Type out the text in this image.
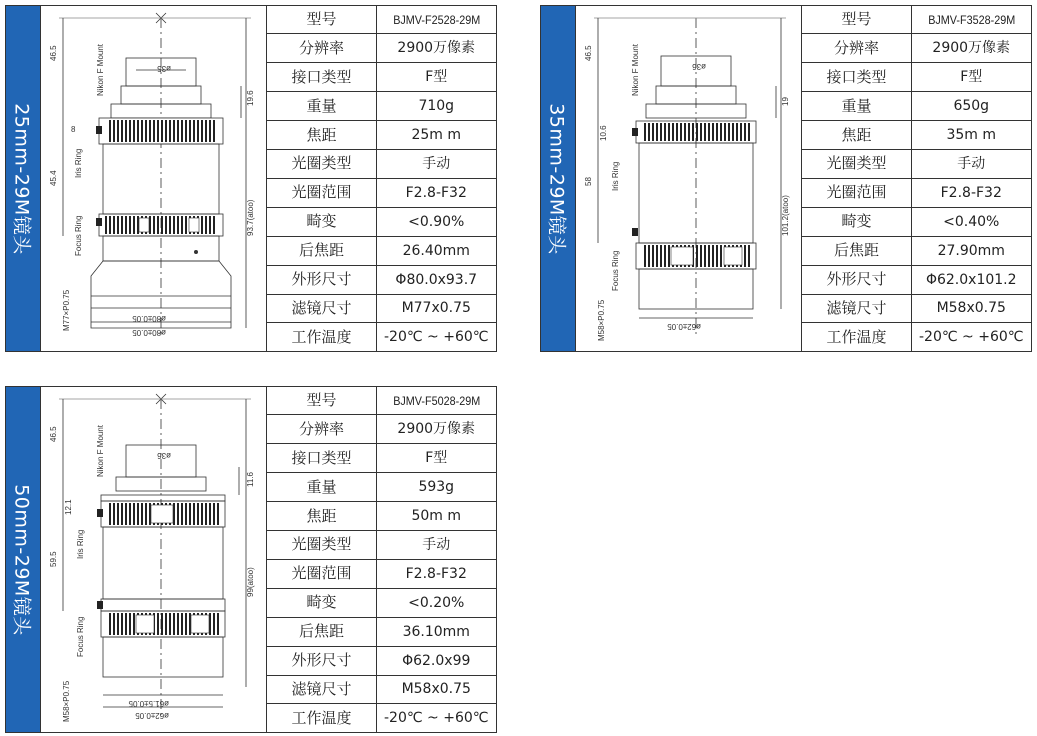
25mm-29M镜头
46.5	Nikon F Mount
19.6
8
45.4
93.7(atoo)
ø35
ø80±0.05
ø80±0.05
Iris Ring
Focus Ring
M77×P0.75
型号	BJMV-F2528-29M
分辨率	2900万像素
接口类型	F型
重量	710g
焦距	25m m
光圈类型	手动
光圈范围	F2.8-F32
畸变	<0.90%
后焦距	26.40mm
外形尺寸	Φ80.0x93.7
滤镜尺寸	M77x0.75
工作温度	-20℃ ~ +60℃
35mm-29M镜头
46.5	Nikon F Mount
19
10.6
58
101.2(atoo)
ø36
ø62±0.05
Iris Ring
Focus Ring
M58×P0.75
型号	BJMV-F3528-29M
分辨率	2900万像素
接口类型	F型
重量	650g
焦距	35m m
光圈类型	手动
光圈范围	F2.8-F32
畸变	<0.40%
后焦距	27.90mm
外形尺寸	Φ62.0x101.2
滤镜尺寸	M58x0.75
工作温度	-20℃ ~ +60℃
50mm-29M镜头
46.5	Nikon F Mount
11.6
12.1
59.5
99(atoo)
ø36
ø61.5±0.05
ø62±0.05
Iris Ring
Focus Ring
M58×P0.75
型号	BJMV-F5028-29M
分辨率	2900万像素
接口类型	F型
重量	593g
焦距	50m m
光圈类型	手动
光圈范围	F2.8-F32
畸变	<0.20%
后焦距	36.10mm
外形尺寸	Φ62.0x99
滤镜尺寸	M58x0.75
工作温度	-20℃ ~ +60℃
